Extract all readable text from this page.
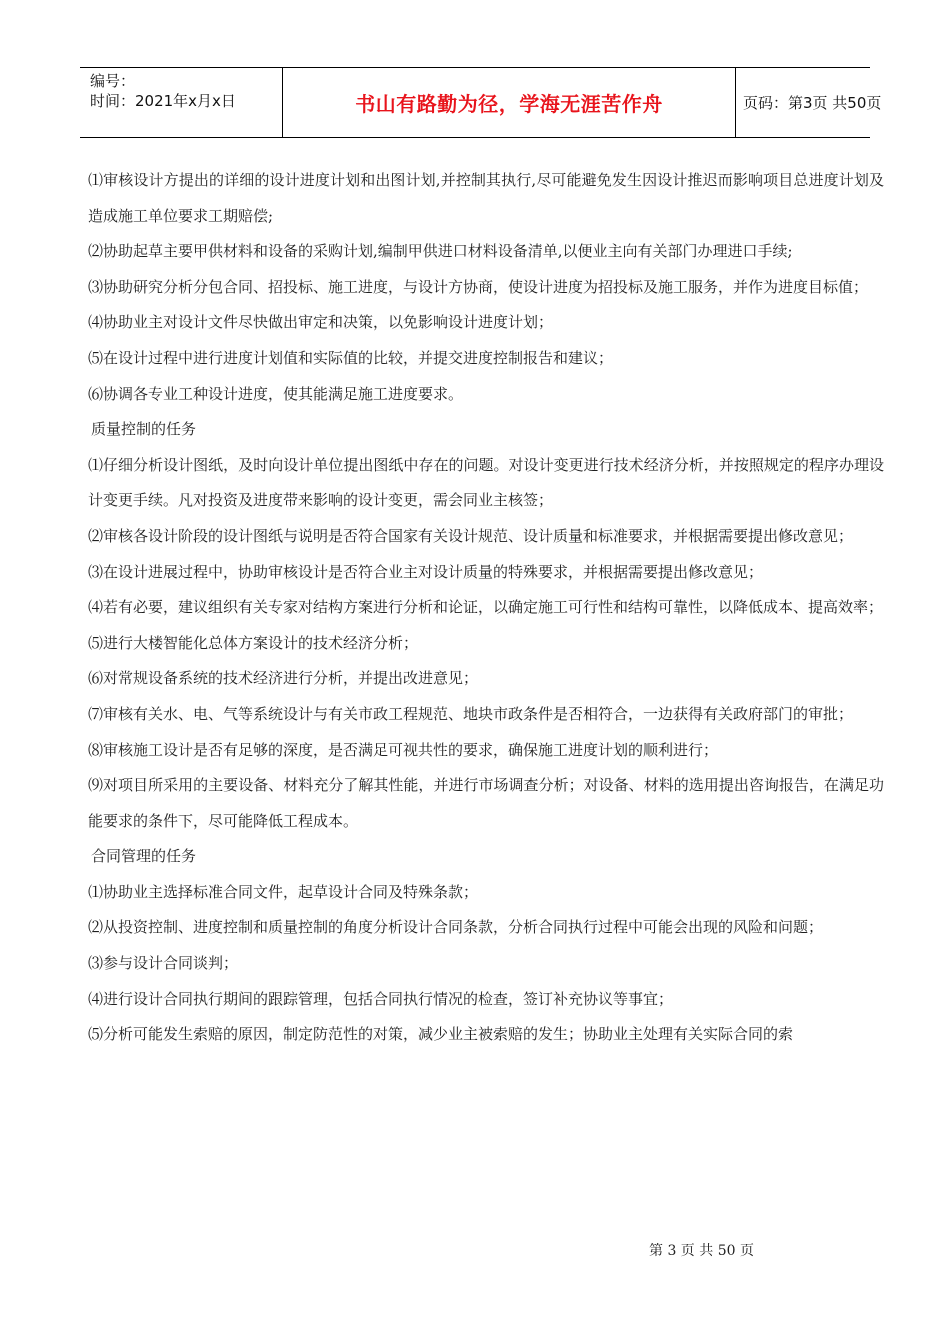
编号：
时间：2021年x月x日	书山有路勤为径，学海无涯苦作舟	页码：第3页 共50页

⑴审核设计方提出的详细的设计进度计划和出图计划,并控制其执行,尽可能避免发生因设计推迟而影响项目总进度计划及造成施工单位要求工期赔偿;

⑵协助起草主要甲供材料和设备的采购计划,编制甲供进口材料设备清单,以便业主向有关部门办理进口手续;

⑶协助研究分析分包合同、招投标、施工进度，与设计方协商，使设计进度为招投标及施工服务，并作为进度目标值；

⑷协助业主对设计文件尽快做出审定和决策，以免影响设计进度计划；

⑸在设计过程中进行进度计划值和实际值的比较，并提交进度控制报告和建议；

⑹协调各专业工种设计进度，使其能满足施工进度要求。

质量控制的任务

⑴仔细分析设计图纸，及时向设计单位提出图纸中存在的问题。对设计变更进行技术经济分析，并按照规定的程序办理设计变更手续。凡对投资及进度带来影响的设计变更，需会同业主核签；

⑵审核各设计阶段的设计图纸与说明是否符合国家有关设计规范、设计质量和标准要求，并根据需要提出修改意见；

⑶在设计进展过程中，协助审核设计是否符合业主对设计质量的特殊要求，并根据需要提出修改意见；

⑷若有必要，建议组织有关专家对结构方案进行分析和论证，以确定施工可行性和结构可靠性，以降低成本、提高效率；

⑸进行大楼智能化总体方案设计的技术经济分析；

⑹对常规设备系统的技术经济进行分析，并提出改进意见；

⑺审核有关水、电、气等系统设计与有关市政工程规范、地块市政条件是否相符合，一边获得有关政府部门的审批；

⑻审核施工设计是否有足够的深度，是否满足可视共性的要求，确保施工进度计划的顺利进行；

⑼对项目所采用的主要设备、材料充分了解其性能，并进行市场调查分析；对设备、材料的选用提出咨询报告，在满足功能要求的条件下，尽可能降低工程成本。

合同管理的任务

⑴协助业主选择标准合同文件，起草设计合同及特殊条款；

⑵从投资控制、进度控制和质量控制的角度分析设计合同条款，分析合同执行过程中可能会出现的风险和问题；

⑶参与设计合同谈判；

⑷进行设计合同执行期间的跟踪管理，包括合同执行情况的检查，签订补充协议等事宜；

⑸分析可能发生索赔的原因，制定防范性的对策，减少业主被索赔的发生；协助业主处理有关实际合同的索

第 3 页 共 50 页
